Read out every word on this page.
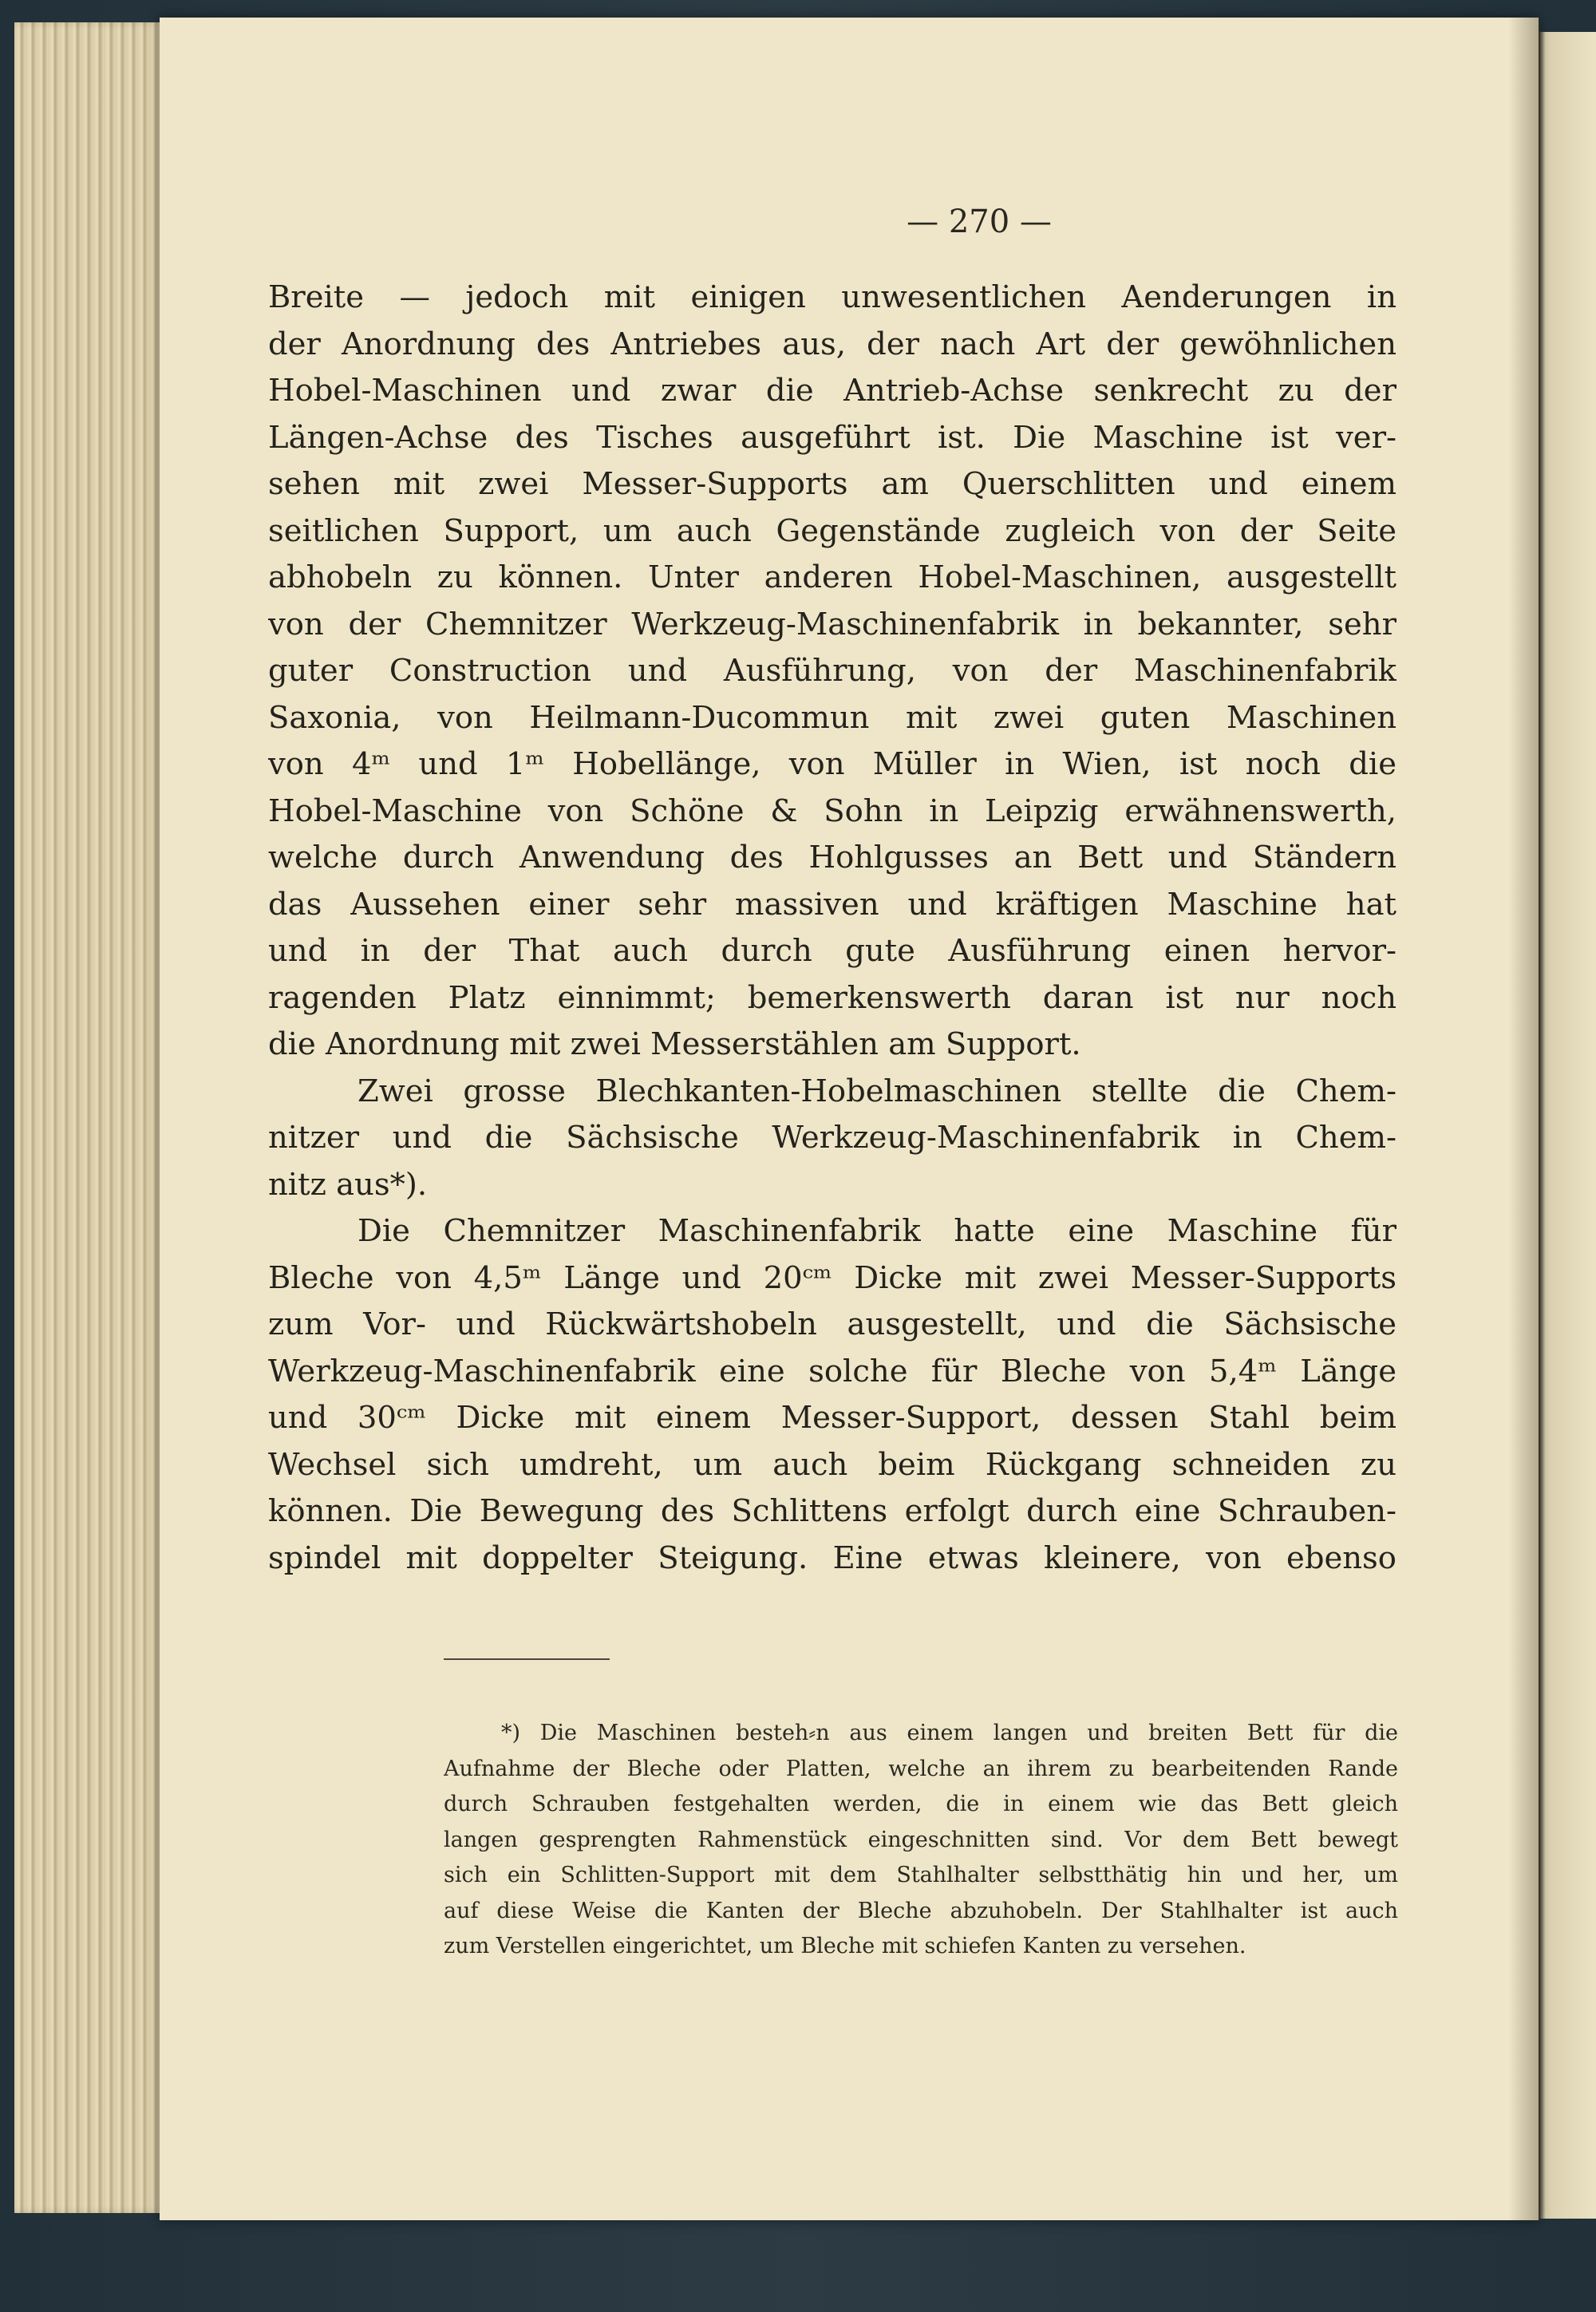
— 270 —
Breite — jedoch mit einigen unwesentlichen Aenderungen in
der Anordnung des Antriebes aus, der nach Art der gewöhnlichen
Hobel-Maschinen und zwar die Antrieb-Achse senkrecht zu der
Längen-Achse des Tisches ausgeführt ist. Die Maschine ist ver-
sehen mit zwei Messer-Supports am Querschlitten und einem
seitlichen Support, um auch Gegenstände zugleich von der Seite
abhobeln zu können. Unter anderen Hobel-Maschinen, ausgestellt
von der Chemnitzer Werkzeug-Maschinenfabrik in bekannter, sehr
guter Construction und Ausführung, von der Maschinenfabrik
Saxonia, von Heilmann-Ducommun mit zwei guten Maschinen
von 4ᵐ und 1ᵐ Hobellänge, von Müller in Wien, ist noch die
Hobel-Maschine von Schöne & Sohn in Leipzig erwähnenswerth,
welche durch Anwendung des Hohlgusses an Bett und Ständern
das Aussehen einer sehr massiven und kräftigen Maschine hat
und in der That auch durch gute Ausführung einen hervor-
ragenden Platz einnimmt; bemerkenswerth daran ist nur noch
die Anordnung mit zwei Messerstählen am Support.
Zwei grosse Blechkanten-Hobelmaschinen stellte die Chem-
nitzer und die Sächsische Werkzeug-Maschinenfabrik in Chem-
nitz aus*).
Die Chemnitzer Maschinenfabrik hatte eine Maschine für
Bleche von 4,5ᵐ Länge und 20ᶜᵐ Dicke mit zwei Messer-Supports
zum Vor- und Rückwärtshobeln ausgestellt, und die Sächsische
Werkzeug-Maschinenfabrik eine solche für Bleche von 5,4ᵐ Länge
und 30ᶜᵐ Dicke mit einem Messer-Support, dessen Stahl beim
Wechsel sich umdreht, um auch beim Rückgang schneiden zu
können. Die Bewegung des Schlittens erfolgt durch eine Schrauben-
spindel mit doppelter Steigung. Eine etwas kleinere, von ebenso
*) Die Maschinen besteh⸗n aus einem langen und breiten Bett für die
Aufnahme der Bleche oder Platten, welche an ihrem zu bearbeitenden Rande
durch Schrauben festgehalten werden, die in einem wie das Bett gleich
langen gesprengten Rahmenstück eingeschnitten sind. Vor dem Bett bewegt
sich ein Schlitten-Support mit dem Stahlhalter selbstthätig hin und her, um
auf diese Weise die Kanten der Bleche abzuhobeln. Der Stahlhalter ist auch
zum Verstellen eingerichtet, um Bleche mit schiefen Kanten zu versehen.
